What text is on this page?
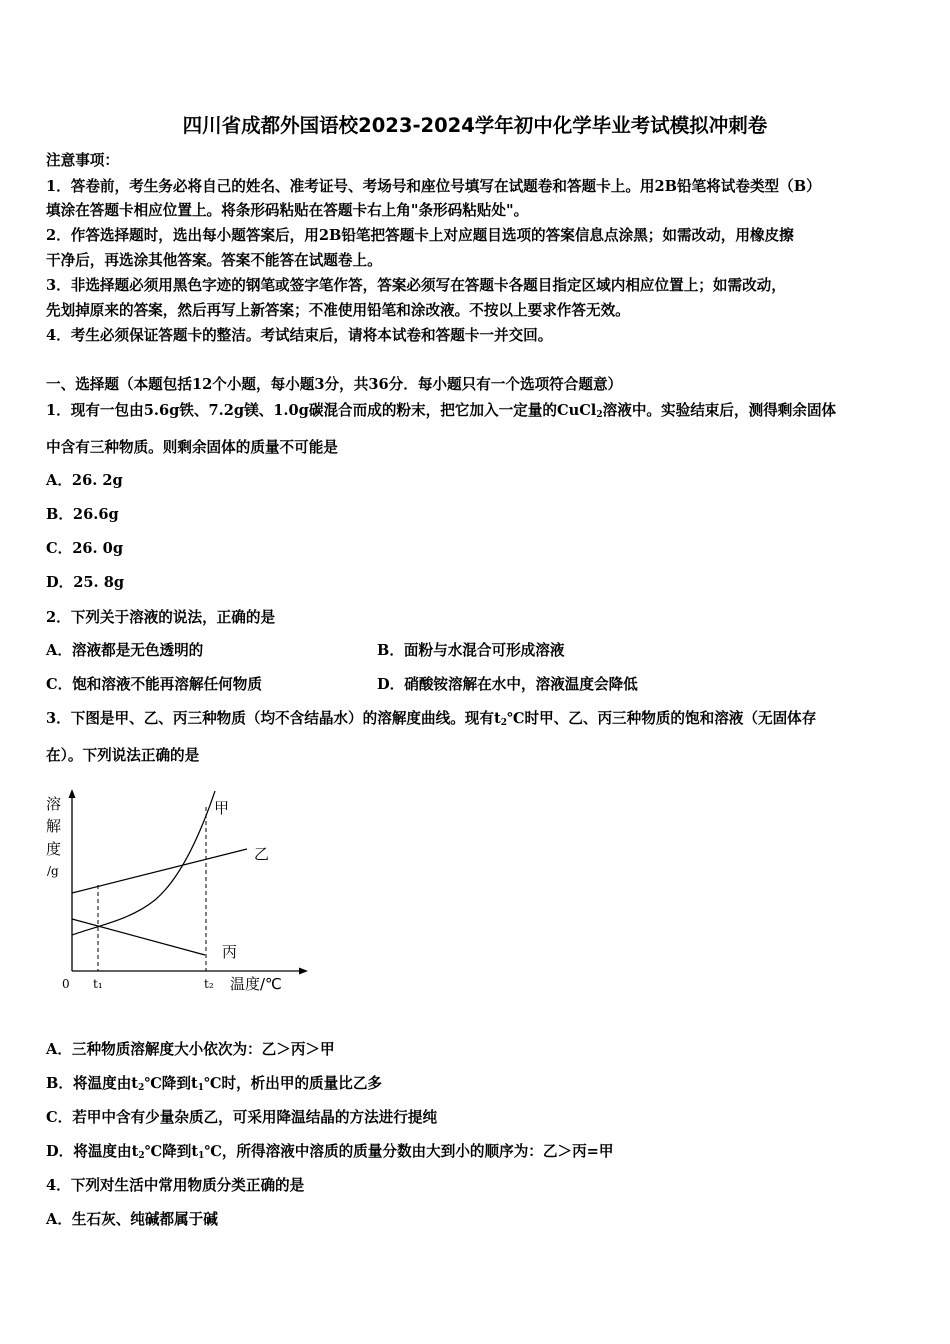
四川省成都外国语校2023-2024学年初中化学毕业考试模拟冲刺卷
注意事项：
1．答卷前，考生务必将自己的姓名、准考证号、考场号和座位号填写在试题卷和答题卡上。用2B铅笔将试卷类型（B）
填涂在答题卡相应位置上。将条形码粘贴在答题卡右上角"条形码粘贴处"。
2．作答选择题时，选出每小题答案后，用2B铅笔把答题卡上对应题目选项的答案信息点涂黑；如需改动，用橡皮擦
干净后，再选涂其他答案。答案不能答在试题卷上。
3．非选择题必须用黑色字迹的钢笔或签字笔作答，答案必须写在答题卡各题目指定区域内相应位置上；如需改动，
先划掉原来的答案，然后再写上新答案；不准使用铅笔和涂改液。不按以上要求作答无效。
4．考生必须保证答题卡的整洁。考试结束后，请将本试卷和答题卡一并交回。
一、选择题（本题包括12个小题，每小题3分，共36分．每小题只有一个选项符合题意）
1．现有一包由5.6g铁、7.2g镁、1.0g碳混合而成的粉末，把它加入一定量的CuCl$_2$溶液中。实验结束后，测得剩余固体
中含有三种物质。则剩余固体的质量不可能是
A．26. 2g
B．26.6g
C．26. 0g
D．25. 8g
2．下列关于溶液的说法，正确的是
A．溶液都是无色透明的	B．面粉与水混合可形成溶液
C．饱和溶液不能再溶解任何物质	D．硝酸铵溶解在水中，溶液温度会降低
3．下图是甲、乙、丙三种物质（均不含结晶水）的溶解度曲线。现有$t_2℃$时甲、乙、丙三种物质的饱和溶液（无固体存
在）。下列说法正确的是
溶
解
度
/g
甲
乙
丙
0 t₁	t₂ 温度/℃
A．三种物质溶解度大小依次为：乙＞丙＞甲
B．将温度由$t_2℃$降到$t_1℃$时，析出甲的质量比乙多
C．若甲中含有少量杂质乙，可采用降温结晶的方法进行提纯
D．将温度由$t_2℃$降到$t_1℃$，所得溶液中溶质的质量分数由大到小的顺序为：乙＞丙=甲
4．下列对生活中常用物质分类正确的是
A．生石灰、纯碱都属于碱
